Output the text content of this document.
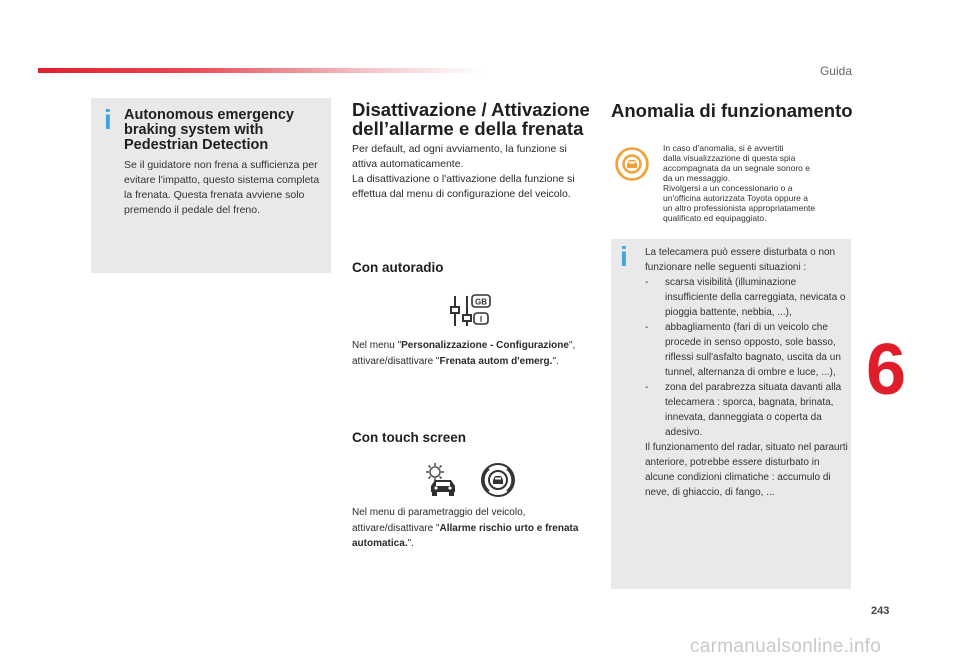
Guida
i Autonomous emergency braking system with Pedestrian Detection

Se il guidatore non frena a sufficienza per evitare l'impatto, questo sistema completa la frenata. Questa frenata avviene solo premendo il pedale del freno.

Disattivazione / Attivazione dell’allarme e della frenata
Per default, ad ogni avviamento, la funzione si attiva automaticamente.
La disattivazione o l'attivazione della funzione si effettua dal menu di configurazione del veicolo.
Con autoradio
GB
I

Nel menu "Personalizzazione - Configurazione", attivare/disattivare "Frenata autom d'emerg.".

Con touch screen

Nel menu di parametraggio del veicolo, attivare/disattivare "Allarme rischio urto e frenata automatica.".

Anomalia di funzionamento
In caso d’anomalia, si è avvertiti
dalla visualizzazione di questa spia
accompagnata da un segnale sonoro e
da un messaggio.
Rivolgersi a un concessionario o a
un'officina autorizzata Toyota oppure a
un altro professionista appropriatamente
qualificato ed equipaggiato.
i La telecamera può essere disturbata o non funzionare nelle seguenti situazioni :

- scarsa visibilità (illuminazione insufficiente della carreggiata, nevicata o pioggia battente, nebbia, ...),
- abbagliamento (fari di un veicolo che procede in senso opposto, sole basso, riflessi sull'asfalto bagnato, uscita da un tunnel, alternanza di ombre e luce, ...),
- zona del parabrezza situata davanti alla telecamera : sporca, bagnata, brinata, innevata, danneggiata o coperta da adesivo.

Il funzionamento del radar, situato nel paraurti anteriore, potrebbe essere disturbato in alcune condizioni climatiche : accumulo di neve, di ghiaccio, di fango, ...

6
243
carmanualsonline.info
